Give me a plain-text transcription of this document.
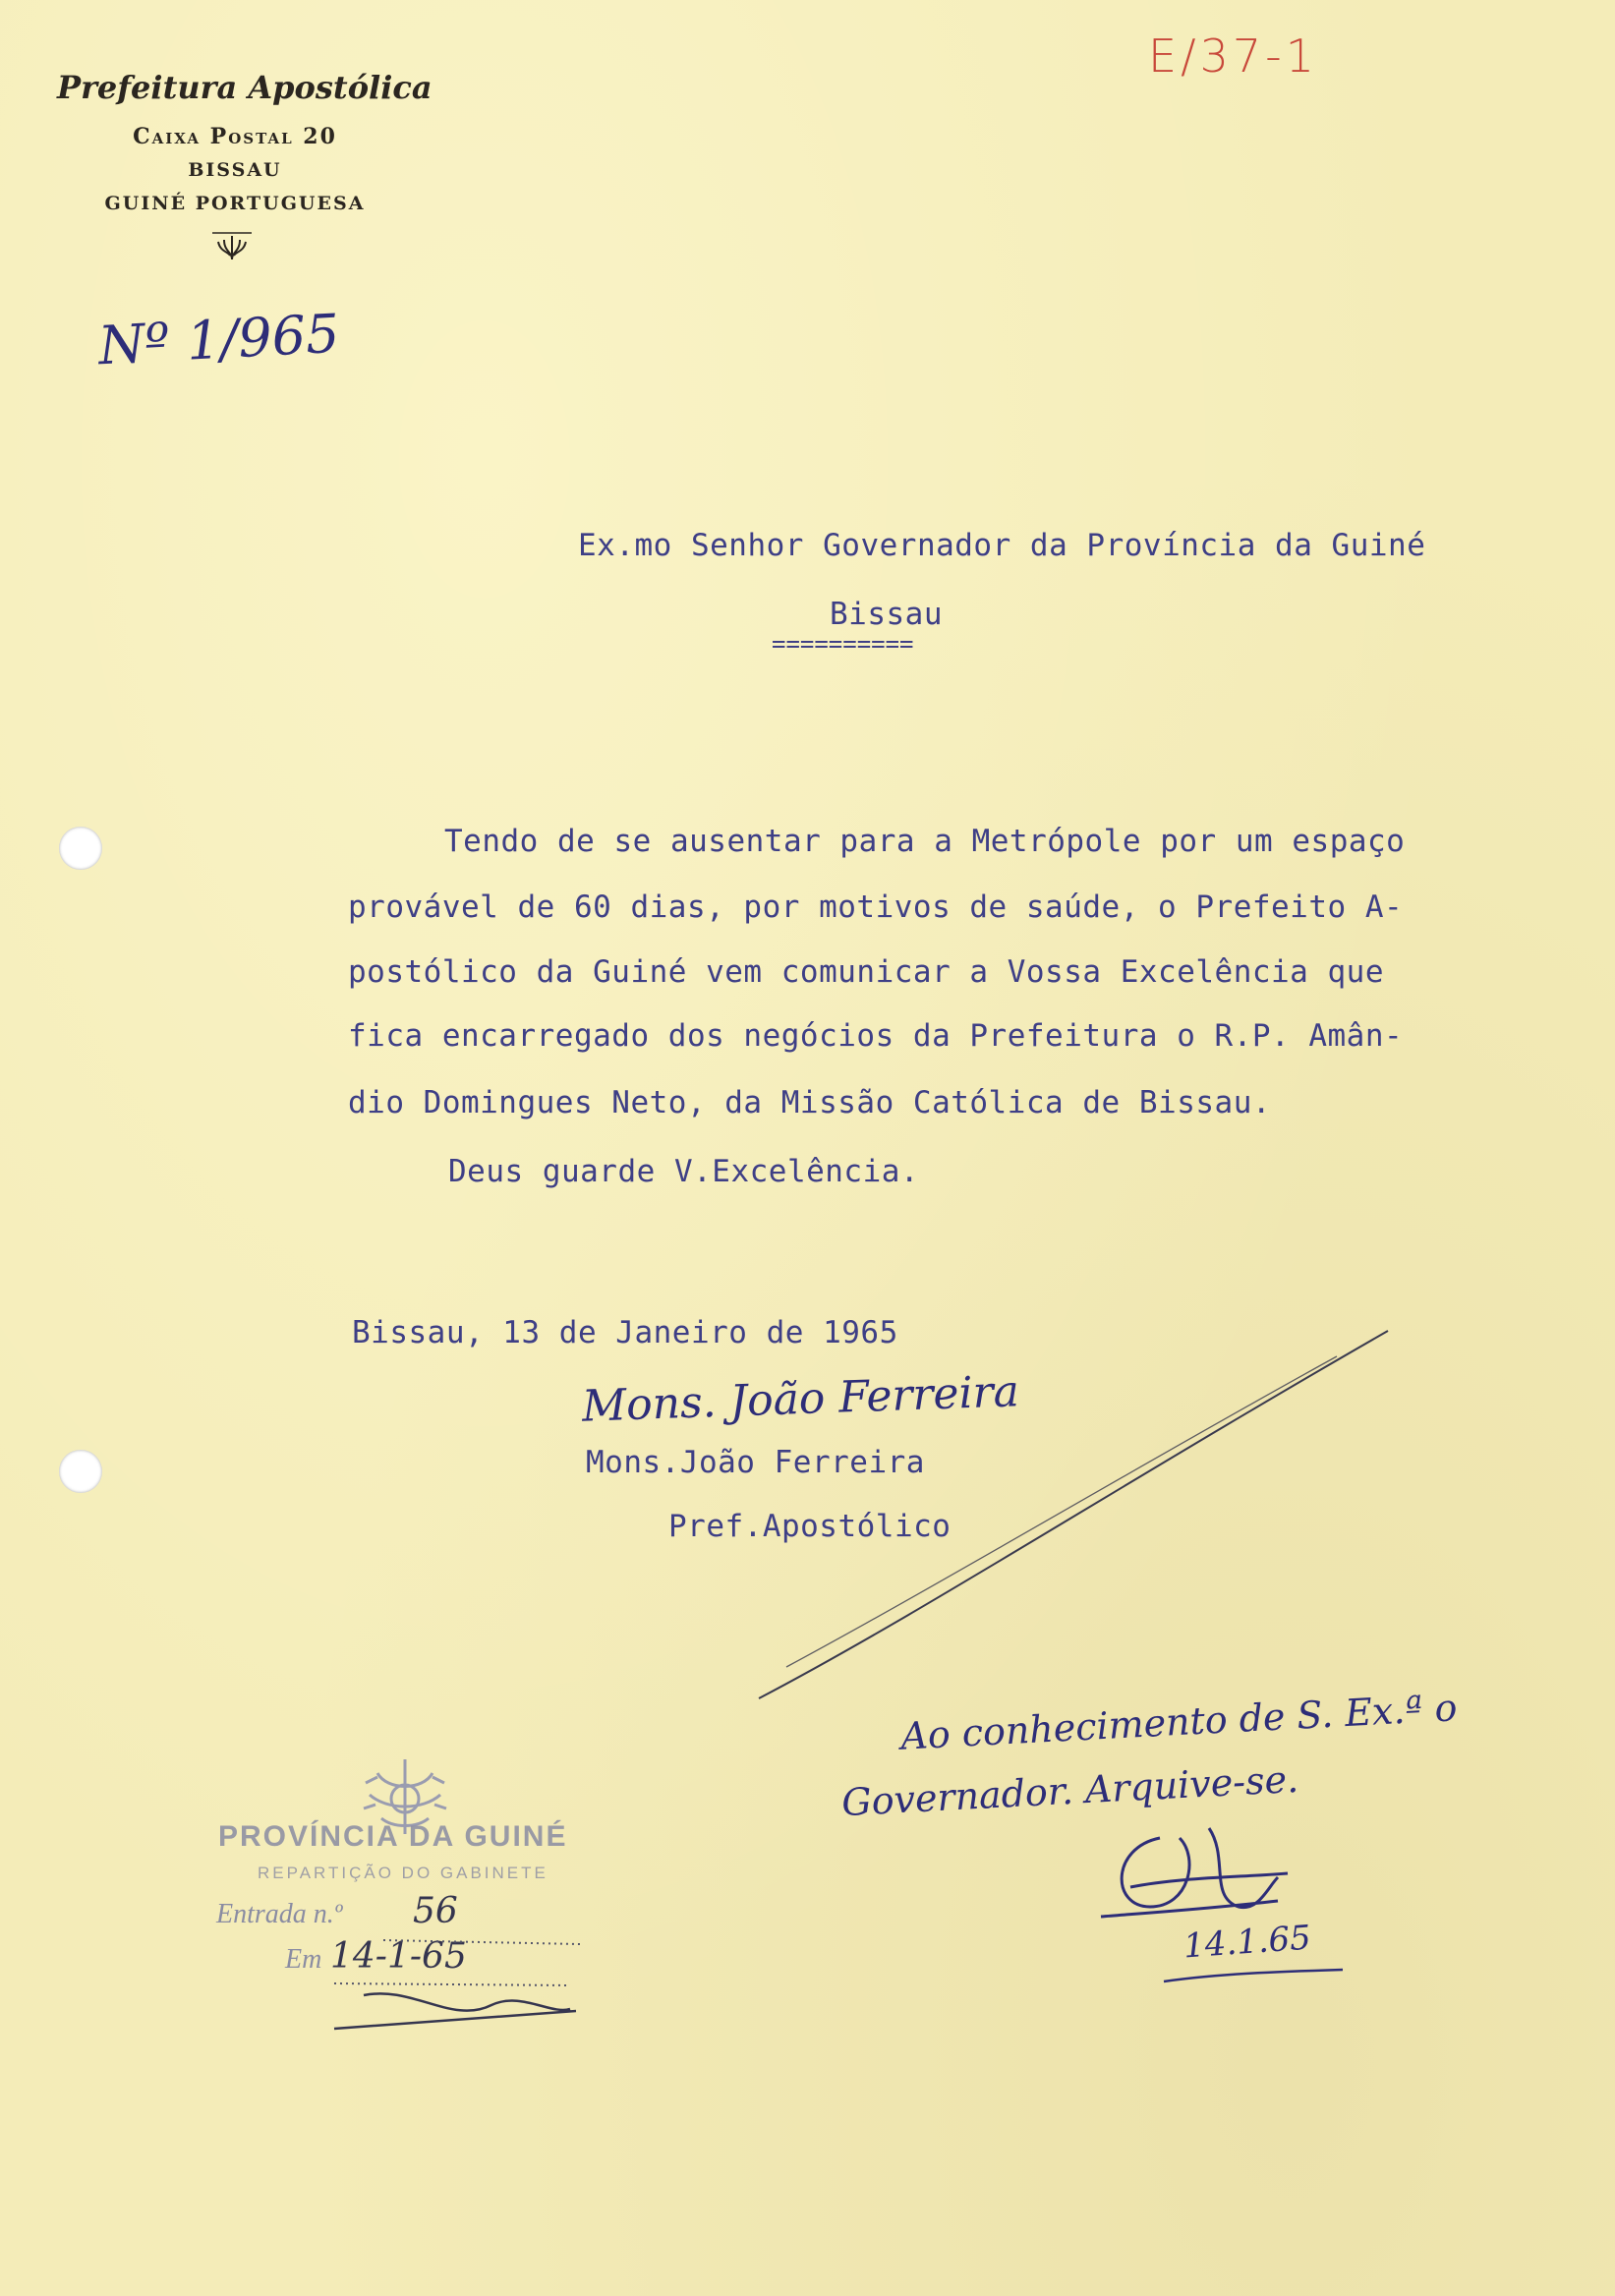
E/37-1
Prefeitura Apostólica
Caixa Postal 20
BISSAU
GUINÉ PORTUGUESA
Nº 1/965
Ex.mo Senhor Governador da Província da Guiné
Bissau
==========
Tendo de se ausentar para a Metrópole por um espaço
provável de 60 dias, por motivos de saúde, o Prefeito A-
postólico da Guiné vem comunicar a Vossa Excelência que
fica encarregado dos negócios da Prefeitura o R.P. Amân-
dio Domingues Neto, da Missão Católica de Bissau.
Deus guarde V.Excelência.
Bissau, 13 de Janeiro de 1965
Mons. João Ferreira
Mons.João Ferreira
Pref.Apostólico
Ao conhecimento de S. Ex.ª o
Governador. Arquive-se.
14.1.65
PROVÍNCIA DA GUINÉ
REPARTIÇÃO DO GABINETE
Entrada n.º 56
Em 14-1-65
